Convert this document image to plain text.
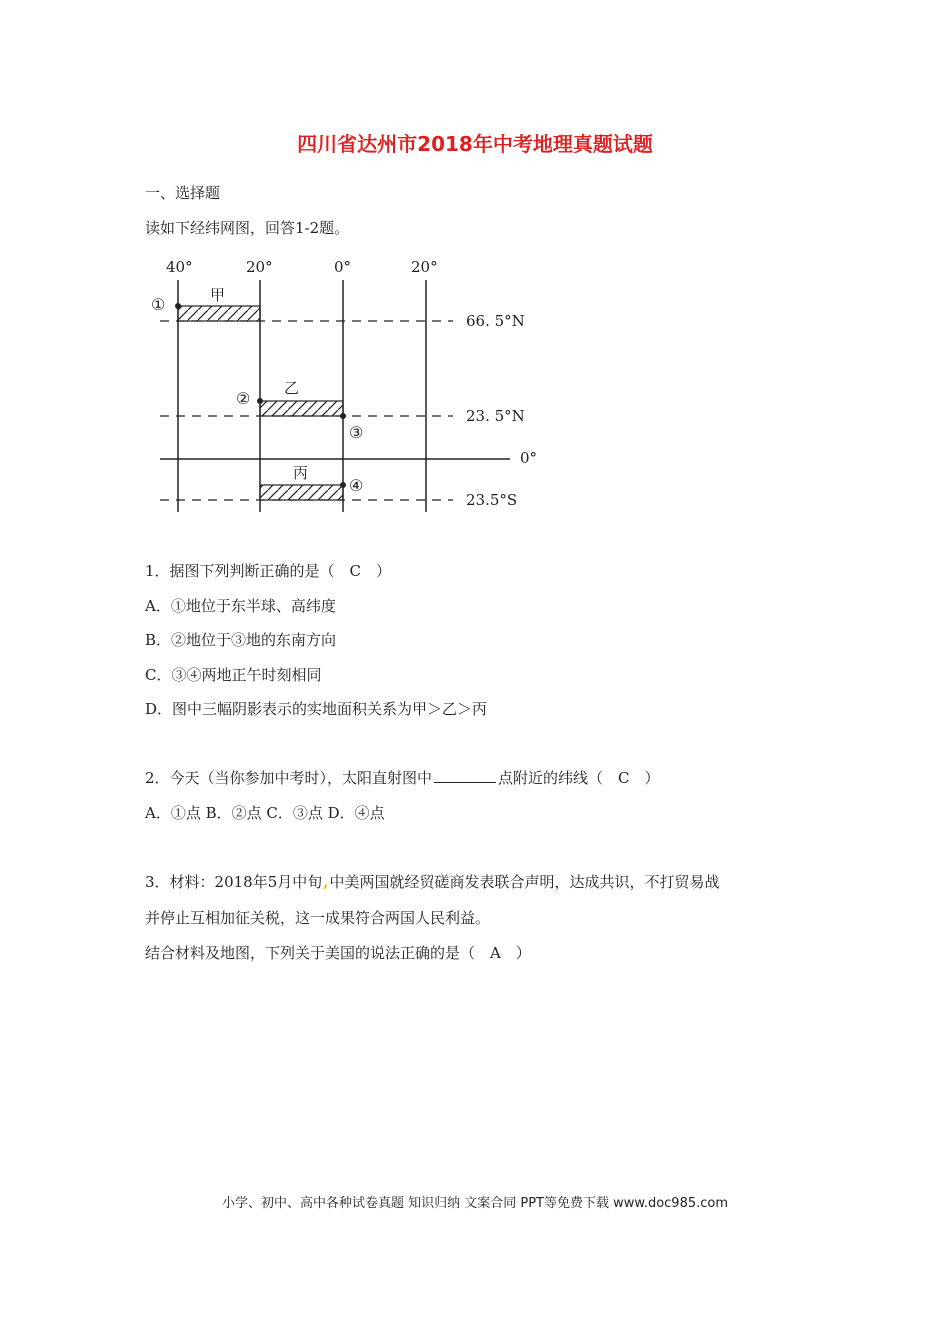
四川省达州市2018年中考地理真题试题
一、选择题
读如下经纬网图，回答1-2题。
40°	20°	0°	20°
66. 5°N
23. 5°N
0°
23.5°S
甲
乙
丙
①
②
③
④
1．据图下列判断正确的是（　C　）
A．①地位于东半球、高纬度
B．②地位于③地的东南方向
C．③④两地正午时刻相同
D．图中三幅阴影表示的实地面积关系为甲＞乙＞丙
2．今天（当你参加中考时），太阳直射图中	点附近的纬线（　C　）
A．①点 B．②点 C．③点 D．④点
3．材料：2018年5月中旬,中美两国就经贸磋商发表联合声明，达成共识，不打贸易战
并停止互相加征关税，这一成果符合两国人民利益。
结合材料及地图，下列关于美国的说法正确的是（　A　）
小学、初中、高中各种试卷真题 知识归纳 文案合同 PPT等免费下载 www.doc985.com
